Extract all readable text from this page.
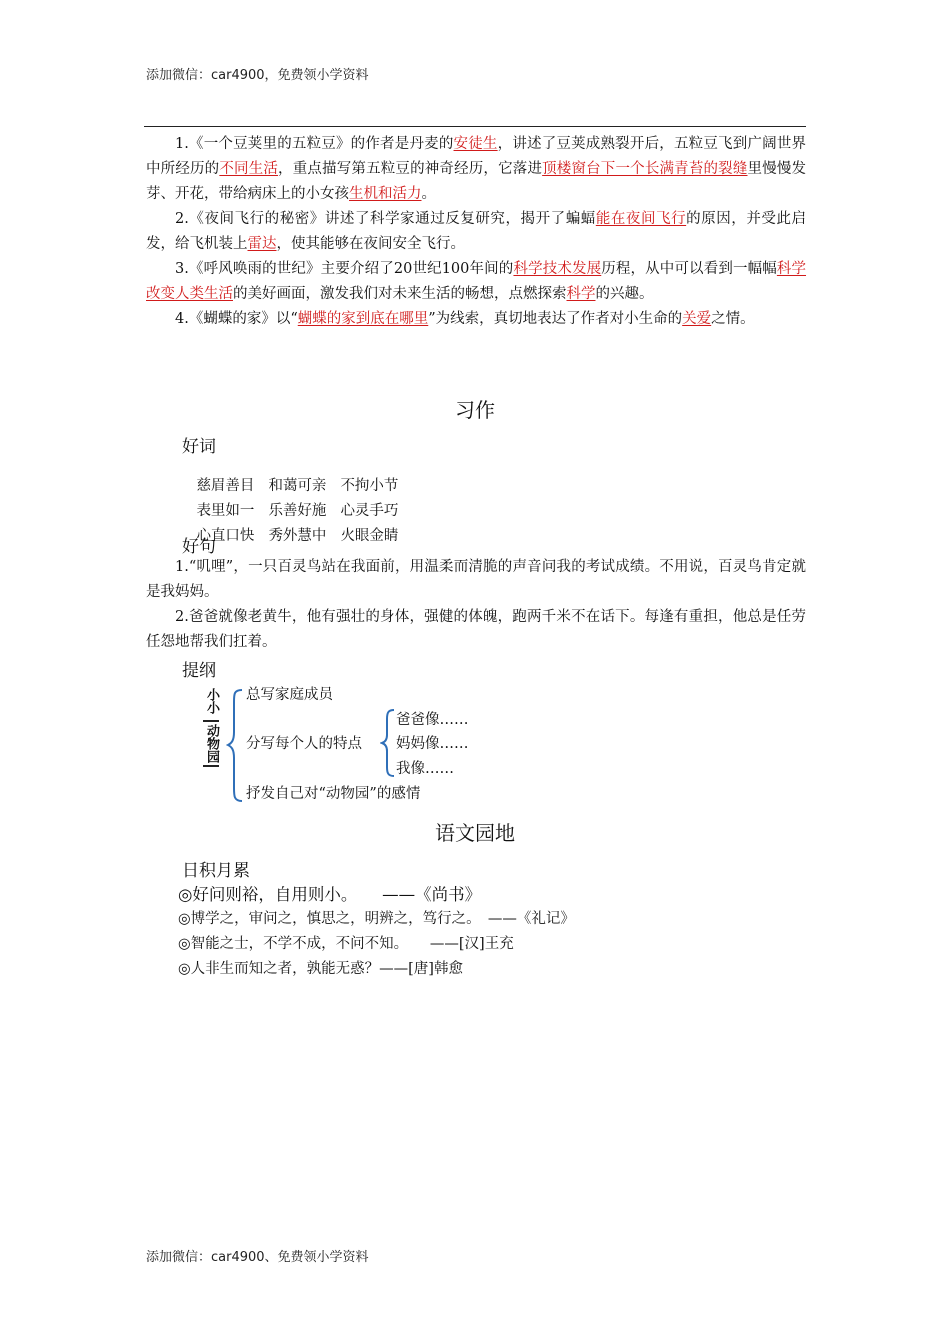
添加微信：car4900，免费领小学资料

1.《一个豆荚里的五粒豆》的作者是丹麦的安徒生，讲述了豆荚成熟裂开后，五粒豆飞到广阔世界中所经历的不同生活，重点描写第五粒豆的神奇经历，它落进顶楼窗台下一个长满青苔的裂缝里慢慢发芽、开花，带给病床上的小女孩生机和活力。

2.《夜间飞行的秘密》讲述了科学家通过反复研究，揭开了蝙蝠能在夜间飞行的原因，并受此启发，给飞机装上雷达，使其能够在夜间安全飞行。

3.《呼风唤雨的世纪》主要介绍了20世纪100年间的科学技术发展历程，从中可以看到一幅幅科学改变人类生活的美好画面，激发我们对未来生活的畅想，点燃探索科学的兴趣。

4.《蝴蝶的家》以“蝴蝶的家到底在哪里”为线索，真切地表达了作者对小生命的关爱之情。

习作
好词

慈眉善目 和蔼可亲 不拘小节

表里如一 乐善好施 心灵手巧

心直口快 秀外慧中 火眼金睛

好句

1.“叽哩”，一只百灵鸟站在我面前，用温柔而清脆的声音问我的考试成绩。不用说，百灵鸟肯定就是我妈妈。

2.爸爸就像老黄牛，他有强壮的身体，强健的体魄，跑两千米不在话下。每逢有重担，他总是任劳任怨地帮我们扛着。

提纲
小小
动物园
总写家庭成员
分写每个人的特点
抒发自己对“动物园”的感情
爸爸像……
妈妈像……
我像……
语文园地
日积月累
◎好问则裕，自用则小。　　——《尚书》
◎博学之，审问之，慎思之，明辨之，笃行之。　——《礼记》
◎智能之士，不学不成，不问不知。　　——[汉]王充
◎人非生而知之者，孰能无惑？——[唐]韩愈
添加微信：car4900、免费领小学资料
